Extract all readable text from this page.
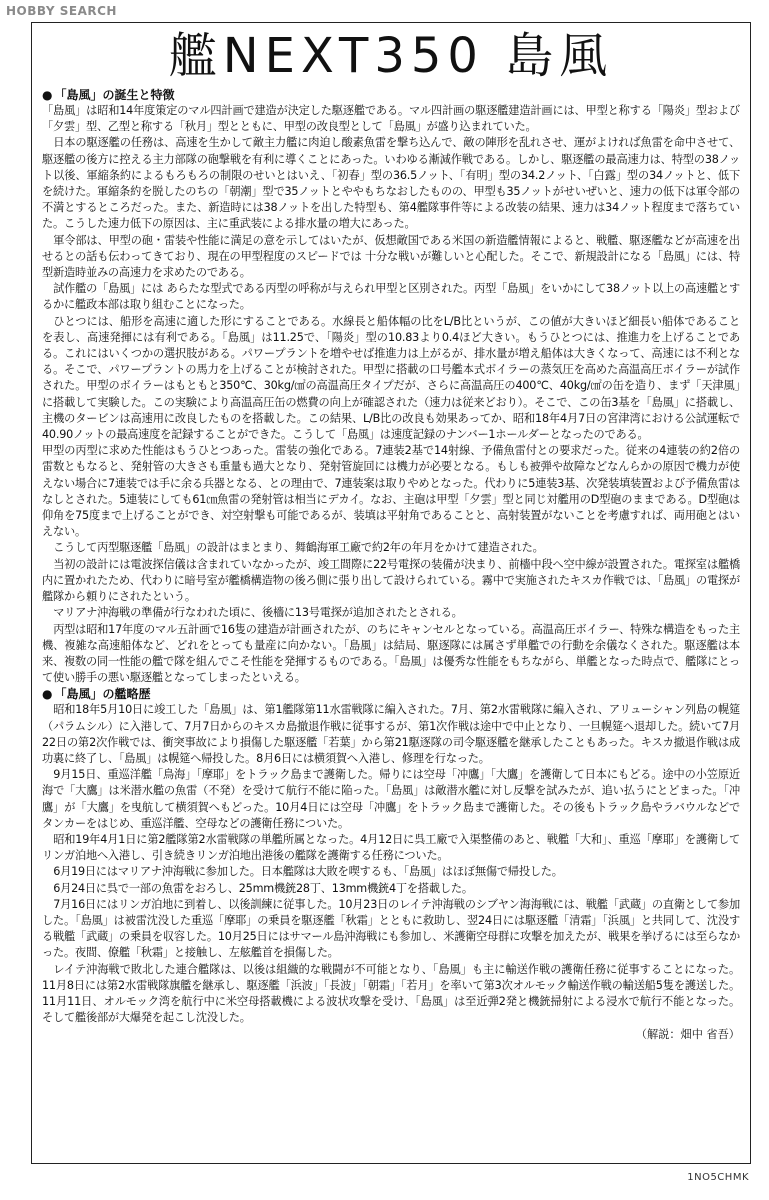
HOBBY SEARCH
艦NEXT350 島風
● 「島風」の誕生と特徴

「島風」は昭和14年度策定のマル四計画で建造が決定した駆逐艦である。マル四計画の駆逐艦建造計画には、甲型と称する「陽炎」型および「夕雲」型、乙型と称する「秋月」型とともに、甲型の改良型として「島風」が盛り込まれていた。

日本の駆逐艦の任務は、高速を生かして敵主力艦に肉迫し酸素魚雷を撃ち込んで、敵の陣形を乱れさせ、運がよければ魚雷を命中させて、駆逐艦の後方に控える主力部隊の砲撃戦を有利に導くことにあった。いわゆる漸減作戦である。しかし、駆逐艦の最高速力は、特型の38ノット以後、軍縮条約によるもろもろの制限のせいとはいえ、「初春」型の36.5ノット、「有明」型の34.2ノット、「白露」型の34ノットと、低下を続けた。軍縮条約を脱したのちの「朝潮」型で35ノットとややもちなおしたものの、甲型も35ノットがせいぜいと、速力の低下は軍令部の不満とするところだった。また、新造時には38ノットを出した特型も、第4艦隊事件等による改装の結果、速力は34ノット程度まで落ちていた。こうした速力低下の原因は、主に重武装による排水量の増大にあった。

軍令部は、甲型の砲・雷装や性能に満足の意を示してはいたが、仮想敵国である米国の新造艦情報によると、戦艦、駆逐艦などが高速を出せるとの話も伝わってきており、現在の甲型程度のスピードでは 十分な戦いが難しいと心配した。そこで、新規設計になる「島風」には、特型新造時並みの高速力を求めたのである。

試作艦の「島風」には あらたな型式である丙型の呼称が与えられ甲型と区別された。丙型「島風」をいかにして38ノット以上の高速艦とするかに艦政本部は取り組むことになった。

ひとつには、船形を高速に適した形にすることである。水線長と船体幅の比をL/B比というが、この値が大きいほど細長い船体であることを表し、高速発揮には有利である。「島風」は11.25で、「陽炎」型の10.83より0.4ほど大きい。もうひとつには、推進力を上げることである。これにはいくつかの選択肢がある。パワープラントを増やせば推進力は上がるが、排水量が増え船体は大きくなって、高速には不利となる。そこで、パワープラントの馬力を上げることが検討された。甲型に搭載の口号艦本式ボイラーの蒸気圧を高めた高温高圧ボイラーが試作された。甲型のボイラーはもともと350℃、30kg/㎠の高温高圧タイプだが、さらに高温高圧の400℃、40kg/㎠の缶を造り、まず「天津風」に搭載して実験した。この実験により高温高圧缶の燃費の向上が確認された（速力は従来どおり）。そこで、この缶3基を「島風」に搭載し、主機のタービンは高速用に改良したものを搭載した。この結果、L/B比の改良も効果あってか、昭和18年4月7日の宮津湾における公試運転で40.90ノットの最高速度を記録することができた。こうして「島風」は速度記録のナンバー1ホールダーとなったのである。

甲型の丙型に求めた性能はもうひとつあった。雷装の強化である。7連装2基で14射線、予備魚雷付との要求だった。従来の4連装の約2倍の雷数ともなると、発射管の大きさも重量も過大となり、発射管旋回には機力が必要となる。もしも被弾や故障などなんらかの原因で機力が使えない場合に7連装では手に余る兵器となる、との理由で、7連装案は取りやめとなった。代わりに5連装3基、次発装填装置および予備魚雷はなしとされた。5連装にしても61㎝魚雷の発射管は相当にデカイ。なお、主砲は甲型「夕雲」型と同じ対艦用のD型砲のままである。D型砲は仰角を75度まで上げることができ、対空射撃も可能であるが、装填は平射角であることと、高射装置がないことを考慮すれば、両用砲とはいえない。

こうして丙型駆逐艦「島風」の設計はまとまり、舞鶴海軍工廠で約2年の年月をかけて建造された。

当初の設計には電波探信儀は含まれていなかったが、竣工間際に22号電探の装備が決まり、前檣中段へ空中線が設置された。電探室は艦橋内に置かれたため、代わりに暗号室が艦橋構造物の後ろ側に張り出して設けられている。霧中で実施されたキスカ作戦では、「島風」の電探が艦隊から頼りにされたという。

マリアナ沖海戦の準備が行なわれた頃に、後檣に13号電探が追加されたとされる。

丙型は昭和17年度のマル五計画で16隻の建造が計画されたが、のちにキャンセルとなっている。高温高圧ボイラー、特殊な構造をもった主機、複雑な高速船体など、どれをとっても量産に向かない。「島風」は結局、駆逐隊には属さず単艦での行動を余儀なくされた。駆逐艦は本来、複数の同一性能の艦で隊を組んでこそ性能を発揮するものである。「島風」は優秀な性能をもちながら、単艦となった時点で、艦隊にとって使い勝手の悪い駆逐艦となってしまったといえる。

● 「島風」の艦略歴

昭和18年5月10日に竣工した「島風」は、第1艦隊第11水雷戦隊に編入された。7月、第2水雷戦隊に編入され、アリューシャン列島の幌筵（パラムシル）に入港して、7月7日からのキスカ島撤退作戦に従事するが、第1次作戦は途中で中止となり、一旦幌筵へ退却した。続いて7月22日の第2次作戦では、衝突事故により損傷した駆逐艦「若葉」から第21駆逐隊の司令駆逐艦を継承したこともあった。キスカ撤退作戦は成功裏に終了し、「島風」は幌筵へ帰投した。8月6日には横須賀へ入港し、修理を行なった。

9月15日、重巡洋艦「鳥海」「摩耶」をトラック島まで護衛した。帰りには空母「冲鷹」「大鷹」を護衛して日本にもどる。途中の小笠原近海で「大鷹」は米潜水艦の魚雷（不発）を受けて航行不能に陥った。「島風」は敵潜水艦に対し反撃を試みたが、追い払うにとどまった。「冲鷹」が「大鷹」を曳航して横須賀へもどった。10月4日には空母「冲鷹」をトラック島まで護衛した。その後もトラック島やラバウルなどでタンカーをはじめ、重巡洋艦、空母などの護衛任務についた。

昭和19年4月1日に第2艦隊第2水雷戦隊の単艦所属となった。4月12日に呉工廠で入渠整備のあと、戦艦「大和」、重巡「摩耶」を護衛してリンガ泊地へ入港し、引き続きリンガ泊地出港後の艦隊を護衛する任務についた。

6月19日にはマリアナ沖海戦に参加した。日本艦隊は大敗を喫するも、「島風」はほぼ無傷で帰投した。

6月24日に呉で一部の魚雷をおろし、25mm機銃28丁、13mm機銃4丁を搭載した。

7月16日にはリンガ泊地に到着し、以後訓練に従事した。10月23日のレイテ沖海戦のシブヤン海海戦には、戦艦「武蔵」の直衛として参加した。「島風」は被雷沈没した重巡「摩耶」の乗員を駆逐艦「秋霜」とともに救助し、翌24日には駆逐艦「清霜」「浜風」と共同して、沈没する戦艦「武蔵」の乗員を収容した。10月25日にはサマール島沖海戦にも参加し、米護衛空母群に攻撃を加えたが、戦果を挙げるには至らなかった。夜間、僚艦「秋霜」と接触し、左舷艦首を損傷した。

レイテ沖海戦で敗北した連合艦隊は、以後は組織的な戦闘が不可能となり、「島風」も主に輸送作戦の護衛任務に従事することになった。11月8日には第2水雷戦隊旗艦を継承し、駆逐艦「浜波」「長波」「朝霜」「若月」を率いて第3次オルモック輸送作戦の輸送船5隻を護送した。11月11日、オルモック湾を航行中に米空母搭載機による波状攻撃を受け、「島風」は至近弾2発と機銃掃射による浸水で航行不能となった。そして艦後部が大爆発を起こし沈没した。

（解説：畑中 省吾）

1NO5CHMK
